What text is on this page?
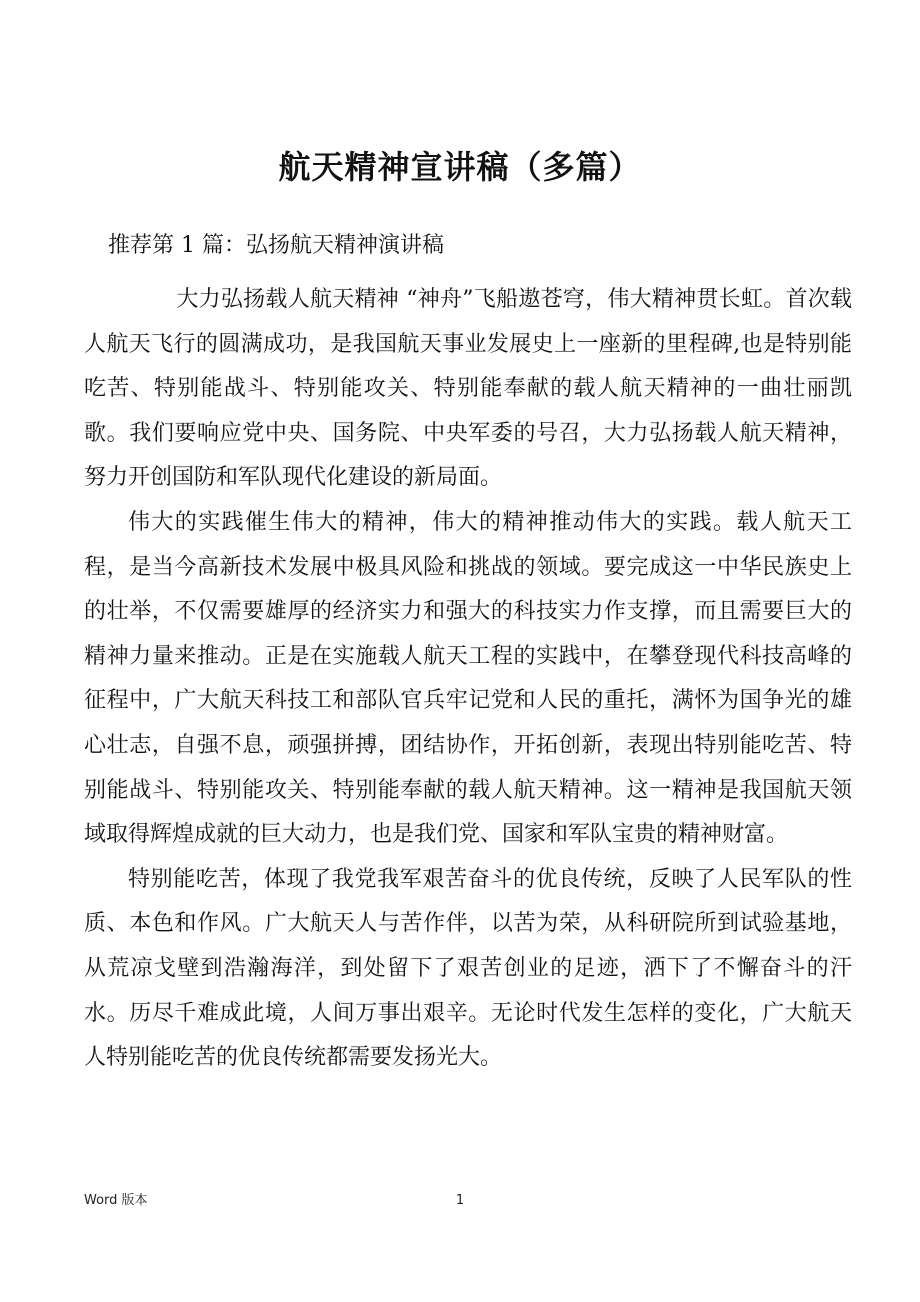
航天精神宣讲稿（多篇）
推荐第 1 篇：弘扬航天精神演讲稿

大力弘扬载人航天精神 “神舟”飞船遨苍穹，伟大精神贯长虹。首次载人航天飞行的圆满成功，是我国航天事业发展史上一座新的里程碑,也是特别能吃苦、特别能战斗、特别能攻关、特别能奉献的载人航天精神的一曲壮丽凯歌。我们要响应党中央、国务院、中央军委的号召，大力弘扬载人航天精神，努力开创国防和军队现代化建设的新局面。

伟大的实践催生伟大的精神，伟大的精神推动伟大的实践。载人航天工程，是当今高新技术发展中极具风险和挑战的领域。要完成这一中华民族史上的壮举，不仅需要雄厚的经济实力和强大的科技实力作支撑，而且需要巨大的精神力量来推动。正是在实施载人航天工程的实践中，在攀登现代科技高峰的征程中，广大航天科技工和部队官兵牢记党和人民的重托，满怀为国争光的雄心壮志，自强不息，顽强拼搏，团结协作，开拓创新，表现出特别能吃苦、特别能战斗、特别能攻关、特别能奉献的载人航天精神。这一精神是我国航天领域取得辉煌成就的巨大动力，也是我们党、国家和军队宝贵的精神财富。

特别能吃苦，体现了我党我军艰苦奋斗的优良传统，反映了人民军队的性质、本色和作风。广大航天人与苦作伴，以苦为荣，从科研院所到试验基地，从荒凉戈壁到浩瀚海洋，到处留下了艰苦创业的足迹，洒下了不懈奋斗的汗水。历尽千难成此境，人间万事出艰辛。无论时代发生怎样的变化，广大航天人特别能吃苦的优良传统都需要发扬光大。

Word 版本	1
